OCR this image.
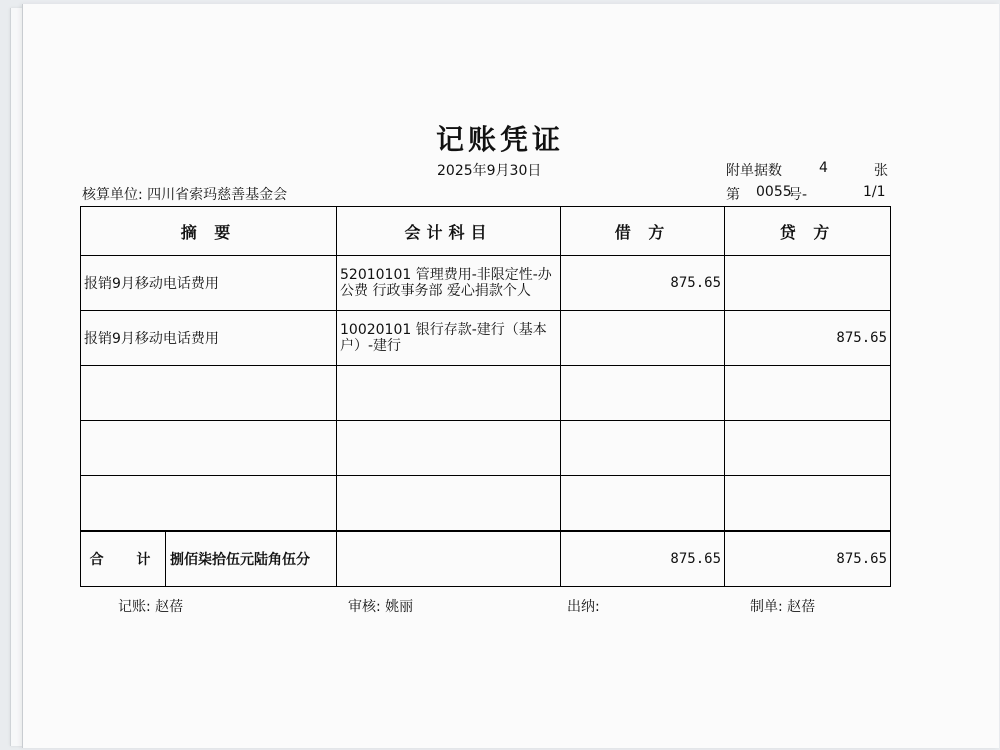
记账凭证
2025年9月30日	附单据数	4	张
核算单位: 四川省索玛慈善基金会	第 0055
号-	1/1
摘 要	会计科目	借 方	贷 方
报销9月移动电话费用	52010101 管理费用-非限定性-办公费 行政事务部 爱心捐款个人	875.65	
报销9月移动电话费用	10020101 银行存款-建行（基本户）-建行		875.65

合 计 捌佰柒拾伍元陆角伍分		875.65	875.65
记账: 赵蓓	审核: 姚丽	出纳:	制单: 赵蓓
